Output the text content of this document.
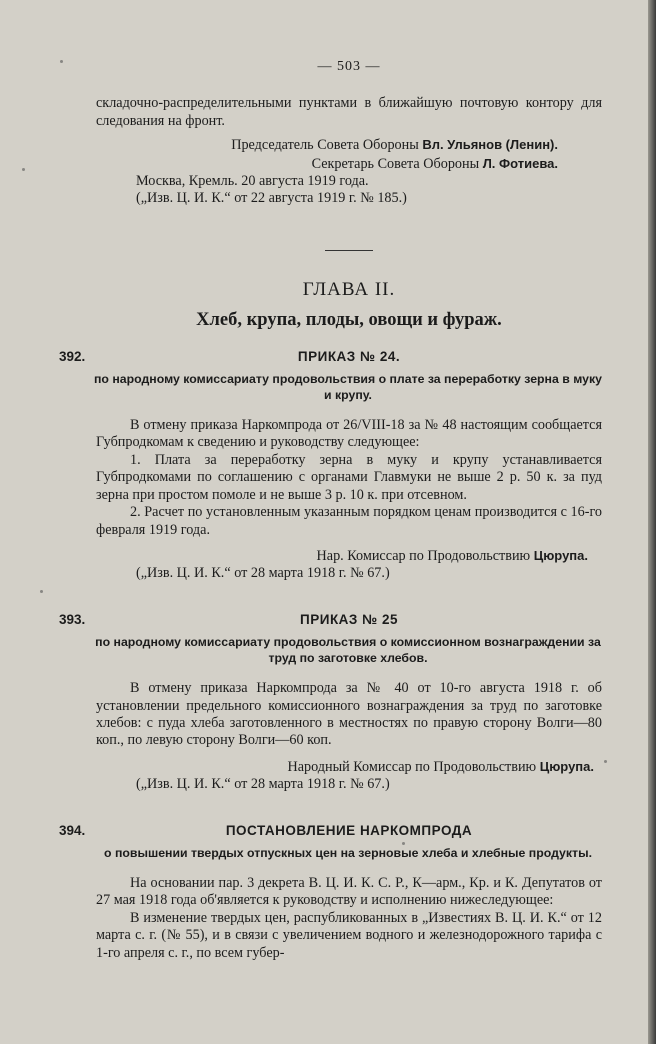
— 503 —
складочно-распределительными пунктами в ближайшую почтовую контору для следования на фронт.
Председатель Совета Обороны Вл. Ульянов (Ленин).
Секретарь Совета Обороны Л. Фотиева.
Москва, Кремль. 20 августа 1919 года.
(„Изв. Ц. И. К.“ от 22 августа 1919 г. № 185.)
ГЛАВА II.
Хлеб, крупа, плоды, овощи и фураж.
392.	ПРИКАЗ № 24.
по народному комиссариату продовольствия о плате за переработку зерна в муку и крупу.
В отмену приказа Наркомпрода от 26/VIII-18 за № 48 настоящим сообщается Губпродкомам к сведению и руководству следующее:
1. Плата за переработку зерна в муку и крупу устанавливается Губпродкомами по соглашению с органами Главмуки не выше 2 р. 50 к. за пуд зерна при простом помоле и не выше 3 р. 10 к. при отсевном.
2. Расчет по установленным указанным порядком ценам производится с 16-го февраля 1919 года.
Нар. Комиссар по Продовольствию Цюрупа.
(„Изв. Ц. И. К.“ от 28 марта 1918 г. № 67.)
393.	ПРИКАЗ № 25
по народному комиссариату продовольствия о комиссионном вознаграждении за труд по заготовке хлебов.
В отмену приказа Наркомпрода за № 40 от 10-го августа 1918 г. об установлении предельного комиссионного вознаграждения за труд по заготовке хлебов: с пуда хлеба заготовленного в местностях по правую сторону Волги—80 коп., по левую сторону Волги—60 коп.
Народный Комиссар по Продовольствию Цюрупа.
(„Изв. Ц. И. К.“ от 28 марта 1918 г. № 67.)
394.	ПОСТАНОВЛЕНИЕ НАРКОМПРОДА
о повышении твердых отпускных цен на зерновые хлеба и хлебные продукты.
На основании пар. 3 декрета В. Ц. И. К. С. Р., К—арм., Кр. и К. Депутатов от 27 мая 1918 года об'является к руководству и исполнению нижеследующее:
В изменение твердых цен, распубликованных в „Известиях В. Ц. И. К.“ от 12 марта с. г. (№ 55), и в связи с увеличением водного и железнодорожного тарифа с 1-го апреля с. г., по всем губер-
